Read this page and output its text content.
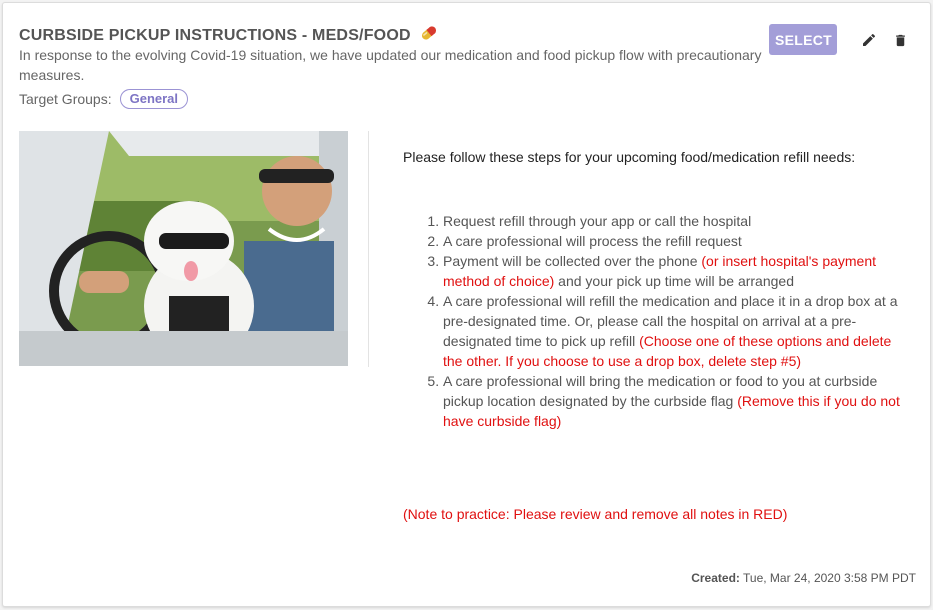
CURBSIDE PICKUP INSTRUCTIONS - MEDS/FOOD
In response to the evolving Covid-19 situation, we have updated our medication and food pickup flow with precautionary measures.
Target Groups:	General
SELECT
Please follow these steps for your upcoming food/medication refill needs:
1. Request refill through your app or call the hospital
2. A care professional will process the refill request
3. Payment will be collected over the phone (or insert hospital's payment method of choice) and your pick up time will be arranged
4. A care professional will refill the medication and place it in a drop box at a pre-designated time. Or, please call the hospital on arrival at a pre-designated time to pick up refill (Choose one of these options and delete the other. If you choose to use a drop box, delete step #5)
5. A care professional will bring the medication or food to you at curbside pickup location designated by the curbside flag (Remove this if you do not have curbside flag)
(Note to practice: Please review and remove all notes in RED)
Created: Tue, Mar 24, 2020 3:58 PM PDT
